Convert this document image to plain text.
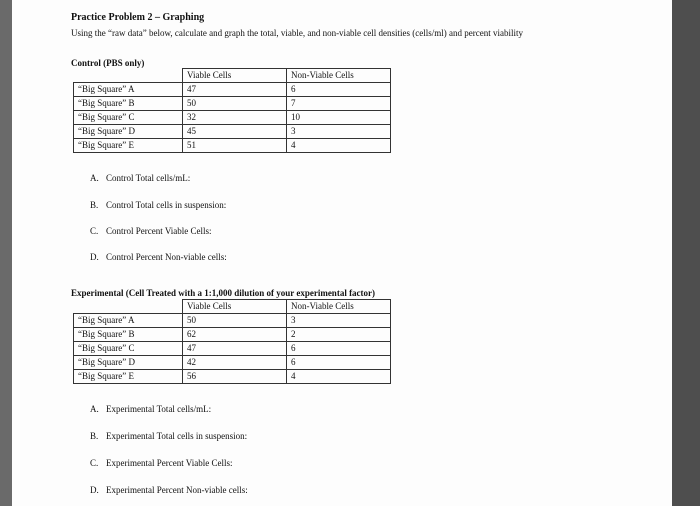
Practice Problem 2 – Graphing
Using the “raw data” below, calculate and graph the total, viable, and non-viable cell densities (cells/ml) and percent viability
Control (PBS only)
	Viable Cells	Non-Viable Cells
“Big Square” A	47	6
“Big Square” B	50	7
“Big Square” C	32	10
“Big Square” D	45	3
“Big Square” E	51	4
A. Control Total cells/mL:
B. Control Total cells in suspension:
C. Control Percent Viable Cells:
D. Control Percent Non-viable cells:
Experimental (Cell Treated with a 1:1,000 dilution of your experimental factor)
	Viable Cells	Non-Viable Cells
“Big Square” A	50	3
“Big Square” B	62	2
“Big Square” C	47	6
“Big Square” D	42	6
“Big Square” E	56	4
A. Experimental Total cells/mL:
B. Experimental Total cells in suspension:
C. Experimental Percent Viable Cells:
D. Experimental Percent Non-viable cells:
